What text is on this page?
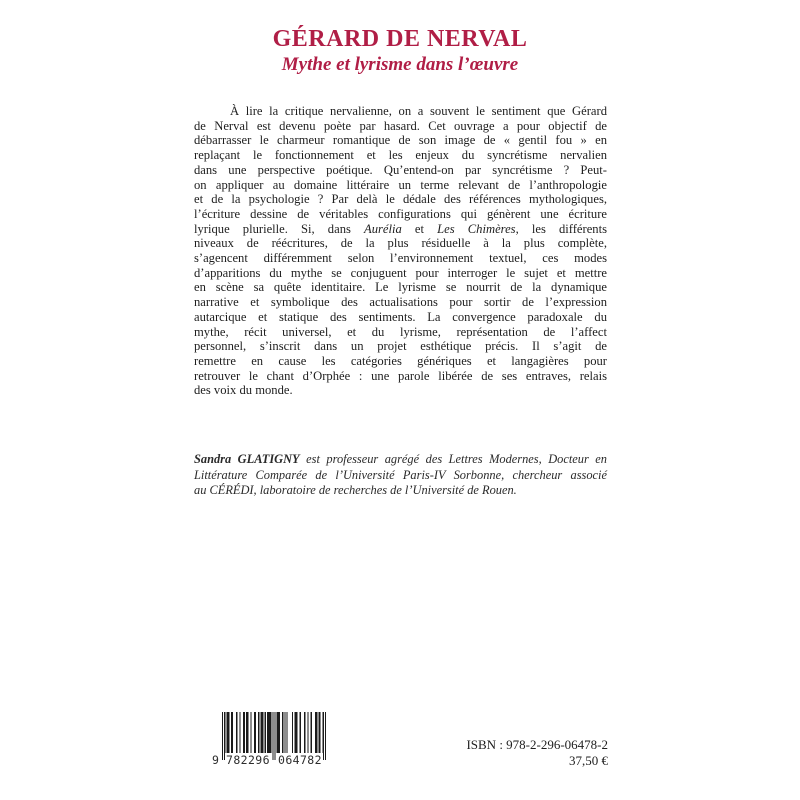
GÉRARD DE NERVAL
Mythe et lyrisme dans l’œuvre
À lire la critique nervalienne, on a souvent le sentiment que Gérard
de Nerval est devenu poète par hasard. Cet ouvrage a pour objectif de
débarrasser le charmeur romantique de son image de « gentil fou » en
replaçant le fonctionnement et les enjeux du syncrétisme nervalien
dans une perspective poétique. Qu’entend-on par syncrétisme ? Peut-
on appliquer au domaine littéraire un terme relevant de l’anthropologie
et de la psychologie ? Par delà le dédale des références mythologiques,
l’écriture dessine de véritables configurations qui génèrent une écriture
lyrique plurielle. Si, dans Aurélia et Les Chimères, les différents
niveaux de réécritures, de la plus résiduelle à la plus complète,
s’agencent différemment selon l’environnement textuel, ces modes
d’apparitions du mythe se conjuguent pour interroger le sujet et mettre
en scène sa quête identitaire. Le lyrisme se nourrit de la dynamique
narrative et symbolique des actualisations pour sortir de l’expression
autarcique et statique des sentiments. La convergence paradoxale du
mythe, récit universel, et du lyrisme, représentation de l’affect
personnel, s’inscrit dans un projet esthétique précis. Il s’agit de
remettre en cause les catégories génériques et langagières pour
retrouver le chant d’Orphée : une parole libérée de ses entraves, relais
des voix du monde.
Sandra GLATIGNY est professeur agrégé des Lettres Modernes, Docteur en
Littérature Comparée de l’Université Paris-IV Sorbonne, chercheur associé
au CÉRÉDI, laboratoire de recherches de l’Université de Rouen.
9 782296 064782
ISBN : 978-2-296-06478-2
37,50 €
